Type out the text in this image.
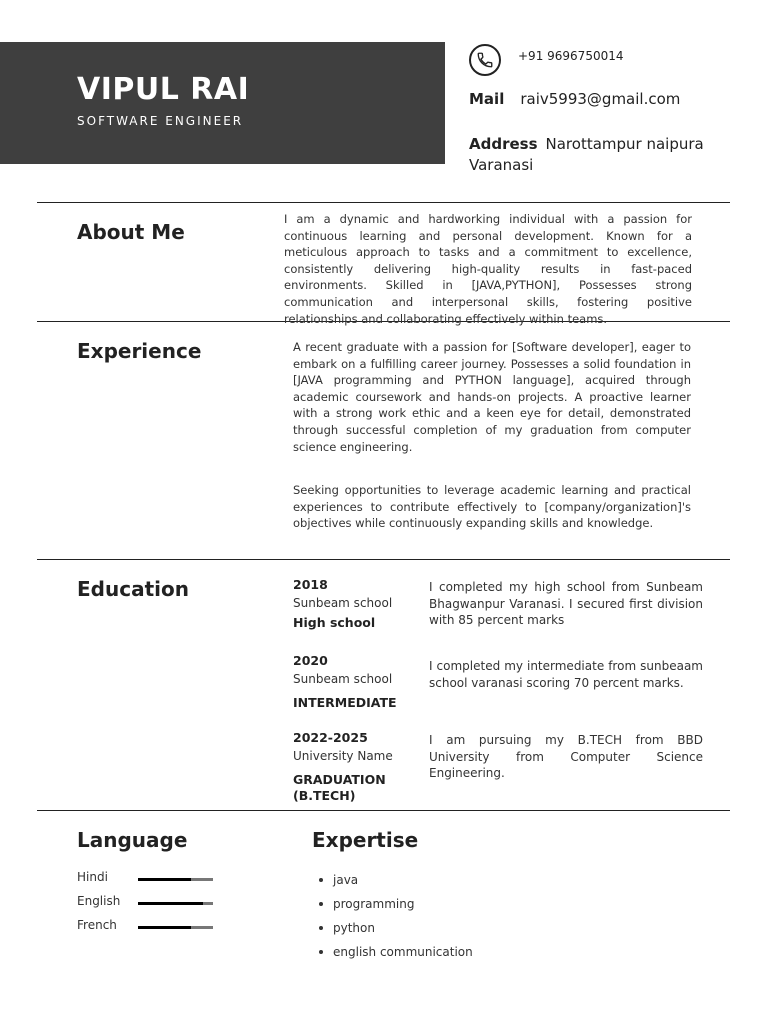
VIPUL RAI
SOFTWARE ENGINEER
+91 9696750014
Mail raiv5993@gmail.com
Address Narottampur naipura Varanasi
About Me
I am a dynamic and hardworking individual with a passion for continuous learning and personal development. Known for a meticulous approach to tasks and a commitment to excellence, consistently delivering high-quality results in fast-paced environments. Skilled in [JAVA,PYTHON], Possesses strong communication and interpersonal skills, fostering positive relationships and collaborating effectively within teams.
Experience	A recent graduate with a passion for [Software developer], eager to embark on a fulfilling career journey. Possesses a solid foundation in [JAVA programming and PYTHON language], acquired through academic coursework and hands-on projects. A proactive learner with a strong work ethic and a keen eye for detail, demonstrated through successful completion of my graduation from computer science engineering.
Seeking opportunities to leverage academic learning and practical experiences to contribute effectively to [company/organization]'s objectives while continuously expanding skills and knowledge.
Education	2018
Sunbeam school
High school
I completed my high school from Sunbeam Bhagwanpur Varanasi. I secured first division with 85 percent marks
2020
Sunbeam school
INTERMEDIATE
I completed my intermediate from sunbeaam school varanasi scoring 70 percent marks.
2022-2025
University Name
GRADUATION (B.TECH)
I am pursuing my B.TECH from BBD University from Computer Science Engineering.
Language
Hindi
English
French
Expertise
java
programming
python
english communication
